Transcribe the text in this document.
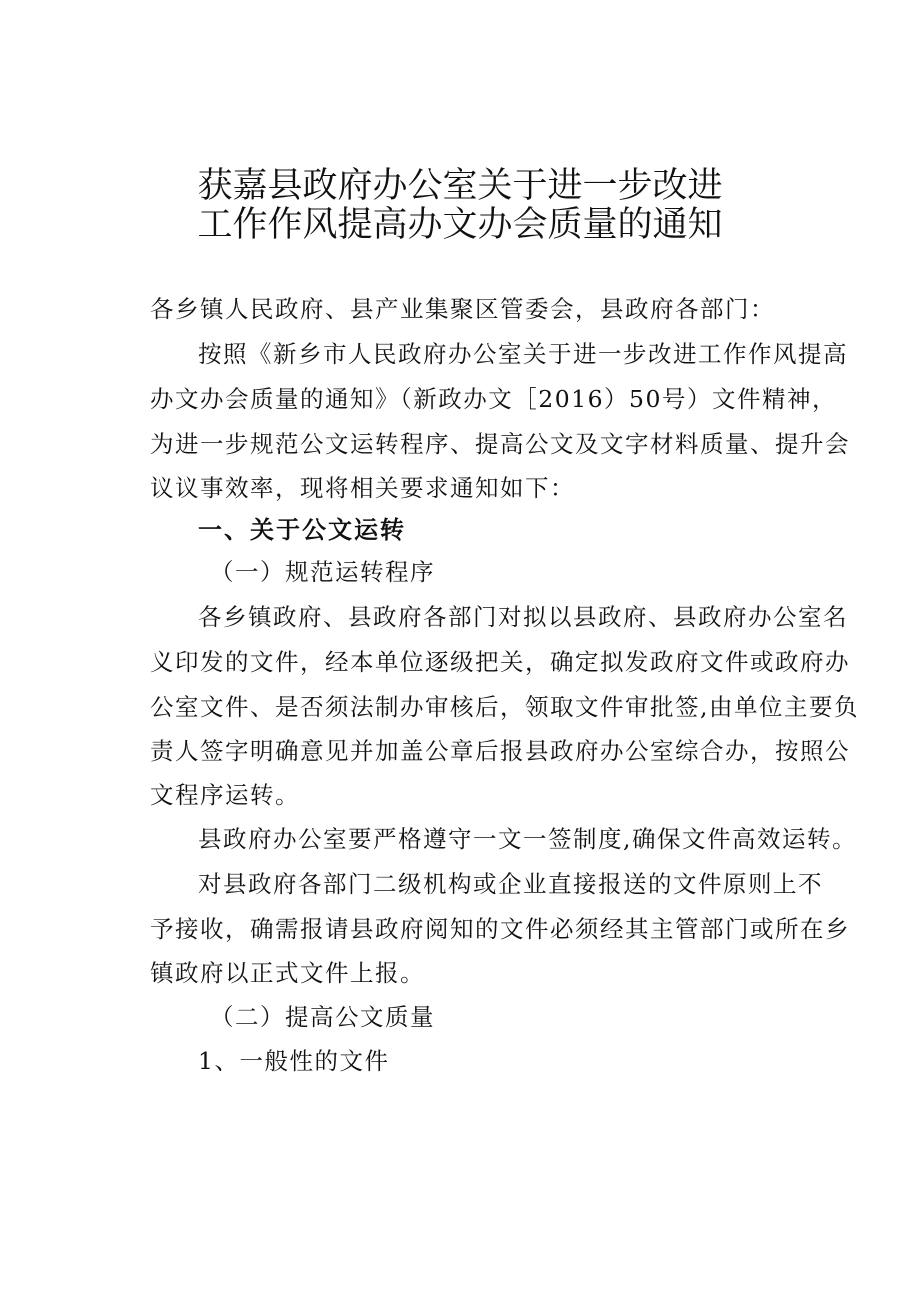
获嘉县政府办公室关于进一步改进
工作作风提高办文办会质量的通知
各乡镇人民政府、县产业集聚区管委会，县政府各部门：
按照《新乡市人民政府办公室关于进一步改进工作作风提高
办文办会质量的通知》（新政办文［2016）50号）文件精神，
为进一步规范公文运转程序、提高公文及文字材料质量、提升会
议议事效率，现将相关要求通知如下：
一、关于公文运转
（一）规范运转程序
各乡镇政府、县政府各部门对拟以县政府、县政府办公室名
义印发的文件，经本单位逐级把关，确定拟发政府文件或政府办
公室文件、是否须法制办审核后，领取文件审批签,由单位主要负
责人签字明确意见并加盖公章后报县政府办公室综合办，按照公
文程序运转。
县政府办公室要严格遵守一文一签制度,确保文件高效运转。
对县政府各部门二级机构或企业直接报送的文件原则上不
予接收，确需报请县政府阅知的文件必须经其主管部门或所在乡
镇政府以正式文件上报。
（二）提高公文质量
1、一般性的文件
